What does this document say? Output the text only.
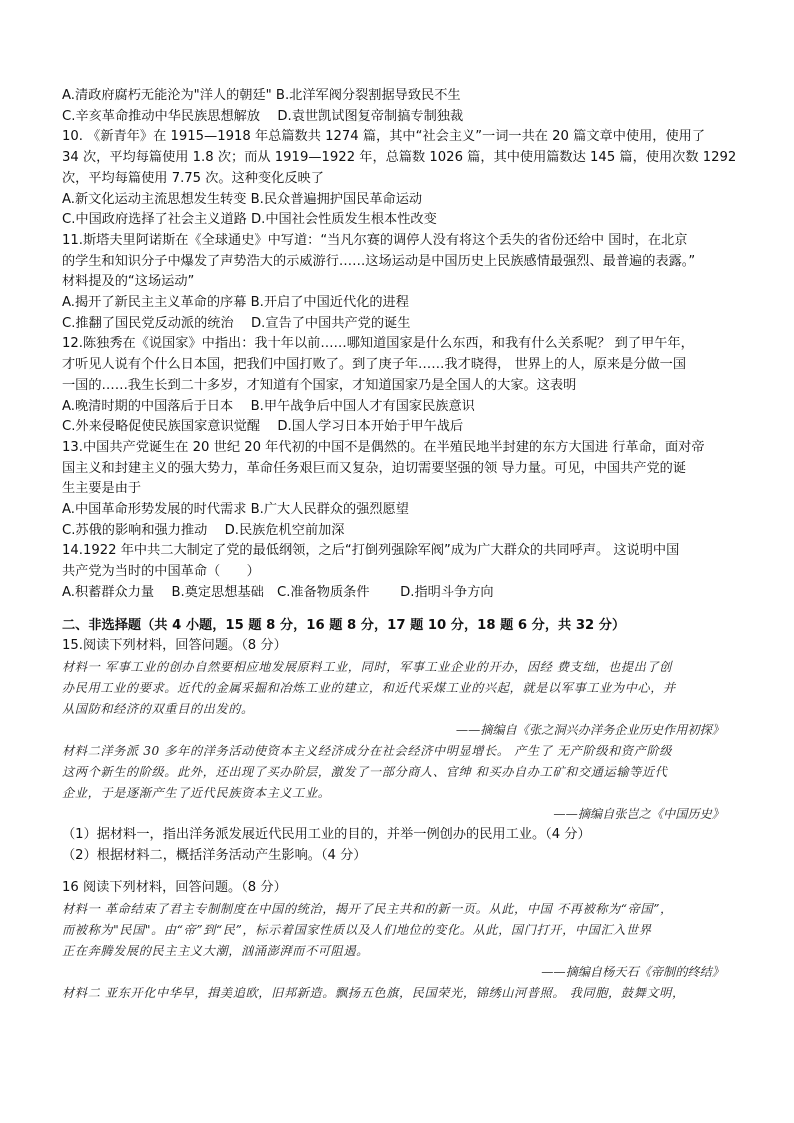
A.清政府腐朽无能沦为"洋人的朝廷" B.北洋军阀分裂割据导致民不生
C.辛亥革命推动中华民族思想解放　 D.袁世凯试图复帝制搞专制独裁
10. 《新青年》在 1915—1918 年总篇数共 1274 篇，其中“社会主义”一词一共在 20 篇文章中使用，使用了
34 次，平均每篇使用 1.8 次；而从 1919—1922 年，总篇数 1026 篇，其中使用篇数达 145 篇，使用次数 1292
次，平均每篇使用 7.75 次。这种变化反映了
A.新文化运动主流思想发生转变 B.民众普遍拥护国民革命运动
C.中国政府选择了社会主义道路 D.中国社会性质发生根本性改变
11.斯塔夫里阿诺斯在《全球通史》中写道：“当凡尔赛的调停人没有将这个丢失的省份还给中 国时，在北京
的学生和知识分子中爆发了声势浩大的示威游行……这场运动是中国历史上民族感情最强烈、最普遍的表露。”
材料提及的“这场运动”
A.揭开了新民主主义革命的序幕 B.开启了中国近代化的进程
C.推翻了国民党反动派的统治　 D.宣告了中国共产党的诞生
12.陈独秀在《说国家》中指出：我十年以前……哪知道国家是什么东西，和我有什么关系呢？ 到了甲午年，
才听见人说有个什么日本国，把我们中国打败了。到了庚子年……我才晓得， 世界上的人，原来是分做一国
一国的……我生长到二十多岁，才知道有个国家，才知道国家乃是全国人的大家。这表明
A.晚清时期的中国落后于日本　 B.甲午战争后中国人才有国家民族意识
C.外来侵略促使民族国家意识觉醒　 D.国人学习日本开始于甲午战后
13.中国共产党诞生在 20 世纪 20 年代初的中国不是偶然的。在半殖民地半封建的东方大国进 行革命，面对帝
国主义和封建主义的强大势力，革命任务艰巨而又复杂，迫切需要坚强的领 导力量。可见，中国共产党的诞
生主要是由于
A.中国革命形势发展的时代需求 B.广大人民群众的强烈愿望
C.苏俄的影响和强力推动　 D.民族危机空前加深
14.1922 年中共二大制定了党的最低纲领，之后“打倒列强除军阀”成为广大群众的共同呼声。 这说明中国
共产党为当时的中国革命（　　）
A.积蓄群众力量　 B.奠定思想基础　C.准备物质条件　　 D.指明斗争方向
二、非选择题（共 4 小题，15 题 8 分，16 题 8 分，17 题 10 分，18 题 6 分，共 32 分）
15.阅读下列材料，回答问题。（8 分）
材料一 军事工业的创办自然要相应地发展原料工业，同时，军事工业企业的开办，因经 费支绌，也提出了创
办民用工业的要求。近代的金属采掘和冶炼工业的建立，和近代采煤工业的兴起，就是以军事工业为中心，并
从国防和经济的双重目的出发的。
——摘编自《张之洞兴办洋务企业历史作用初探》
材料二洋务派 30 多年的洋务活动使资本主义经济成分在社会经济中明显增长。 产生了 无产阶级和资产阶级
这两个新生的阶级。此外，还出现了买办阶层，激发了一部分商人、官绅 和买办自办工矿和交通运输等近代
企业，于是逐渐产生了近代民族资本主义工业。
——摘编自张岂之《中国历史》
（1）据材料一，指出洋务派发展近代民用工业的目的，并举一例创办的民用工业。（4 分）
（2）根据材料二，概括洋务活动产生影响。（4 分）
16 阅读下列材料，回答问题。（8 分）
材料一 革命结束了君主专制制度在中国的统治，揭开了民主共和的新一页。从此，中国 不再被称为“帝国”，
而被称为"民国"。由“帝”到“民”，标示着国家性质以及人们地位的变化。从此，国门打开，中国汇入世界
正在奔腾发展的民主主义大潮，汹涌澎湃而不可阻遏。
——摘编自杨天石《帝制的终结》
材料二 亚东开化中华早，揖美追欧，旧邦新造。飘扬五色旗，民国荣光，锦绣山河普照。 我同胞，鼓舞文明，
